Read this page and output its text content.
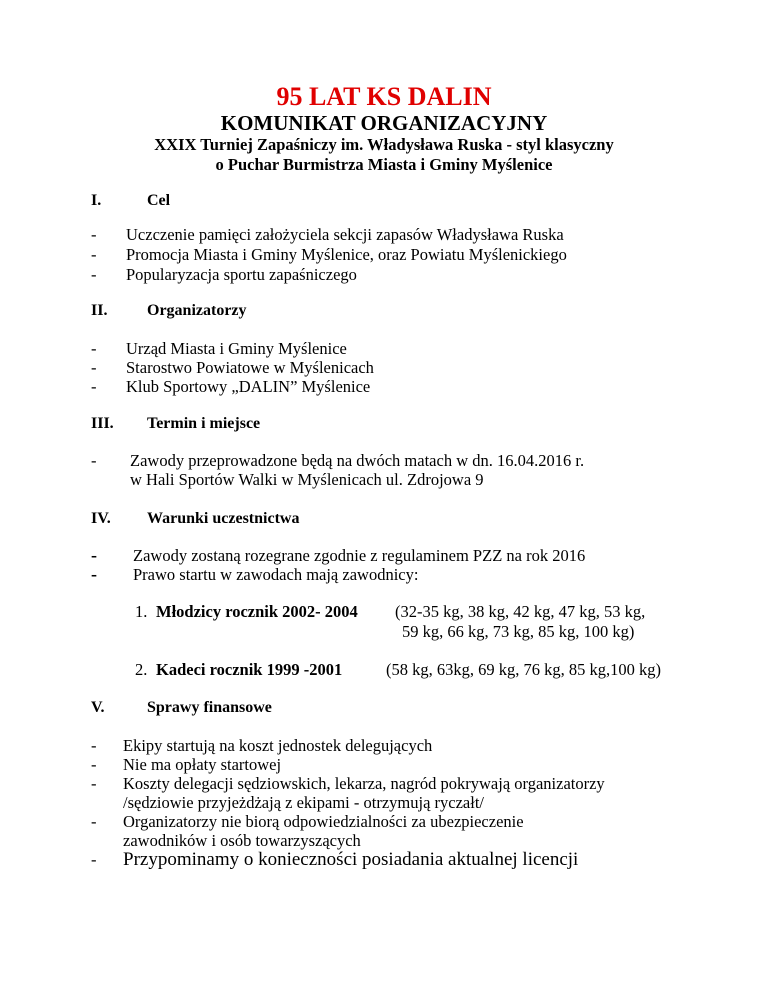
95 LAT KS DALIN
KOMUNIKAT ORGANIZACYJNY
XXIX Turniej Zapaśniczy im. Władysława Ruska - styl klasyczny
o Puchar Burmistrza Miasta i Gminy Myślenice
I.	Cel
- Uczczenie pamięci założyciela sekcji zapasów Władysława Ruska
- Promocja Miasta i Gminy Myślenice, oraz Powiatu Myślenickiego
- Popularyzacja sportu zapaśniczego
II. Organizatorzy
- Urząd Miasta i Gminy Myślenice
- Starostwo Powiatowe w Myślenicach
- Klub Sportowy „DALIN” Myślenice
III. Termin i miejsce
- Zawody przeprowadzone będą na dwóch matach w dn. 16.04.2016 r.
w Hali Sportów Walki w Myślenicach ul. Zdrojowa 9
IV. Warunki uczestnictwa
- Zawody zostaną rozegrane zgodnie z regulaminem PZZ na rok 2016
- Prawo startu w zawodach mają zawodnicy:
1. Młodzicy rocznik 2002- 2004 (32-35 kg, 38 kg, 42 kg, 47 kg, 53 kg,
59 kg, 66 kg, 73 kg, 85 kg, 100 kg)
2. Kadeci rocznik 1999 -2001	(58 kg, 63kg, 69 kg, 76 kg, 85 kg,100 kg)
V.	Sprawy finansowe
- Ekipy startują na koszt jednostek delegujących
- Nie ma opłaty startowej
- Koszty delegacji sędziowskich, lekarza, nagród pokrywają organizatorzy
/sędziowie przyjeżdżają z ekipami - otrzymują ryczałt/
- Organizatorzy nie biorą odpowiedzialności za ubezpieczenie
zawodników i osób towarzyszących
- Przypominamy o konieczności posiadania aktualnej licencji
